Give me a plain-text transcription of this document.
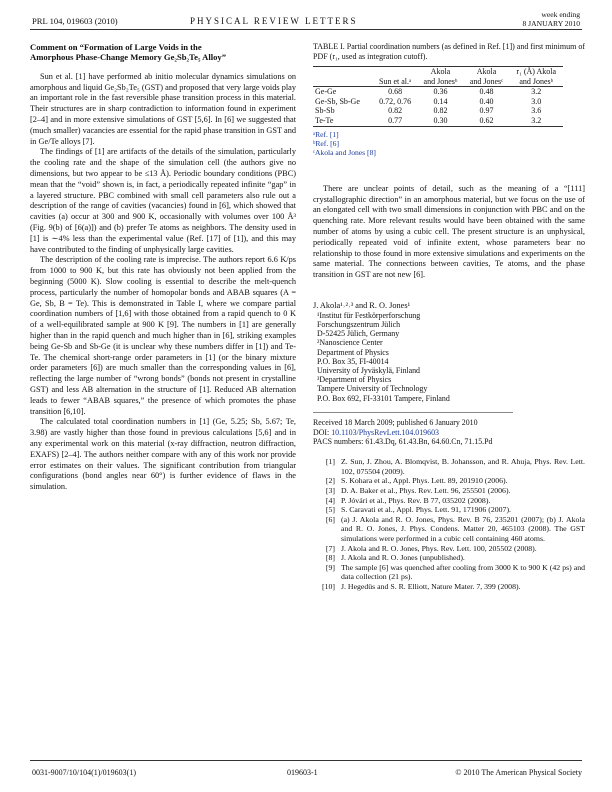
PRL 104, 019603 (2010)	PHYSICAL REVIEW LETTERS
week ending
8 JANUARY 2010
Comment on “Formation of Large Voids in the
Amorphous Phase-Change Memory Ge₂Sb₂Te₅ Alloy”

Sun et al. [1] have performed ab initio molecular dynamics simulations on amorphous and liquid Ge₂Sb₂Te₅ (GST) and proposed that very large voids play an important role in the fast reversible phase transition process in this material. Their structures are in sharp contradiction to information found in experiment [2–4] and in more extensive simulations of GST [5,6]. In [6] we suggested that (much smaller) vacancies are essential for the rapid phase transition in GST and in Ge/Te alloys [7].

The findings of [1] are artifacts of the details of the simulation, particularly the cooling rate and the shape of the simulation cell (the authors give no dimensions, but two appear to be ≤13 Å). Periodic boundary conditions (PBC) mean that the “void” shown is, in fact, a periodically repeated infinite “gap” in a layered structure. PBC combined with small cell parameters also rule out a description of the range of cavities (vacancies) found in [6], which showed that cavities (a) occur at 300 and 900 K, occasionally with volumes over 100 Å³ (Fig. 9(b) of [6(a)]) and (b) prefer Te atoms as neighbors. The density used in [1] is ∼4% less than the experimental value (Ref. [17] of [1]), and this may have contributed to the finding of unphysically large cavities.

The description of the cooling rate is imprecise. The authors report 6.6 K/ps from 1000 to 900 K, but this rate has obviously not been applied from the beginning (5000 K). Slow cooling is essential to describe the melt-quench process, particularly the number of homopolar bonds and ABAB squares (A = Ge, Sb, B = Te). This is demonstrated in Table I, where we compare partial coordination numbers of [1,6] with those obtained from a rapid quench to 0 K of a well-equilibrated sample at 900 K [9]. The numbers in [1] are generally higher than in the rapid quench and much higher than in [6], striking examples being Ge-Sb and Sb-Ge (it is unclear why these numbers differ in [1]) and Te-Te. The chemical short-range order parameters in [1] (or the binary mixture order parameters [6]) are much smaller than the corresponding values in [6], reflecting the large number of “wrong bonds” (bonds not present in crystalline GST) and less AB alternation in the structure of [1]. Reduced AB alternation leads to fewer “ABAB squares,” the presence of which promotes the phase transition [6,10].

The calculated total coordination numbers in [1] (Ge, 5.25; Sb, 5.67; Te, 3.98) are vastly higher than those found in previous calculations [5,6] and in any experimental work on this material (x-ray diffraction, neutron diffraction, EXAFS) [2–4]. The authors neither compare with any of this work nor provide error estimates on their values. The significant contribution from triangular configurations (bond angles near 60°) is further evidence of flaws in the simulation.

TABLE I. Partial coordination numbers (as defined in Ref. [1]) and first minimum of PDF (r₁, used as integration cutoff).
		Akola	Akola	r₁ (Å) Akola
	Sun et al.ᵃ	and Jonesᵇ	and Jonesᶜ	and Jonesᵇ
Ge-Ge	0.68	0.36	0.48	3.2
Ge-Sb, Sb-Ge	0.72, 0.76	0.14	0.40	3.0
Sb-Sb	0.82	0.82	0.97	3.6
Te-Te	0.77	0.30	0.62	3.2
ᵃRef. [1]
ᵇRef. [6]
ᶜAkola and Jones [8]

There are unclear points of detail, such as the meaning of a “[111] crystallographic direction” in an amorphous material, but we focus on the use of an elongated cell with two small dimensions in conjunction with PBC and on the quenching rate. More relevant results would have been obtained with the same number of atoms by using a cubic cell. The present structure is an unphysical, periodically repeated void of infinite extent, whose parameters bear no relationship to those found in more extensive simulations and experiments on the same material. The connections between cavities, Te atoms, and the phase transition in GST are not new [6].

J. Akola¹˒²˒³ and R. O. Jones¹
¹Institut für Festkörperforschung
Forschungszentrum Jülich
D-52425 Jülich, Germany
²Nanoscience Center
Department of Physics
P.O. Box 35, FI-40014
University of Jyväskylä, Finland
³Department of Physics
Tampere University of Technology
P.O. Box 692, FI-33101 Tampere, Finland
Received 18 March 2009; published 6 January 2010
DOI: 10.1103/PhysRevLett.104.019603
PACS numbers: 61.43.Dq, 61.43.Bn, 64.60.Cn, 71.15.Pd
[1] Z. Sun, J. Zhou, A. Blomqvist, B. Johansson, and R. Ahuja, Phys. Rev. Lett. 102, 075504 (2009).
[2] S. Kohara et al., Appl. Phys. Lett. 89, 201910 (2006).
[3] D. A. Baker et al., Phys. Rev. Lett. 96, 255501 (2006).
[4] P. Jóvári et al., Phys. Rev. B 77, 035202 (2008).
[5] S. Caravati et al., Appl. Phys. Lett. 91, 171906 (2007).
[6] (a) J. Akola and R. O. Jones, Phys. Rev. B 76, 235201 (2007); (b) J. Akola and R. O. Jones, J. Phys. Condens. Matter 20, 465103 (2008). The GST simulations were performed in a cubic cell containing 460 atoms.
[7] J. Akola and R. O. Jones, Phys. Rev. Lett. 100, 205502 (2008).
[8] J. Akola and R. O. Jones (unpublished).
[9] The sample [6] was quenched after cooling from 3000 K to 900 K (42 ps) and data collection (21 ps).
[10] J. Hegedüs and S. R. Elliott, Nature Mater. 7, 399 (2008).
0031-9007/10/104(1)/019603(1)	019603-1	© 2010 The American Physical Society
